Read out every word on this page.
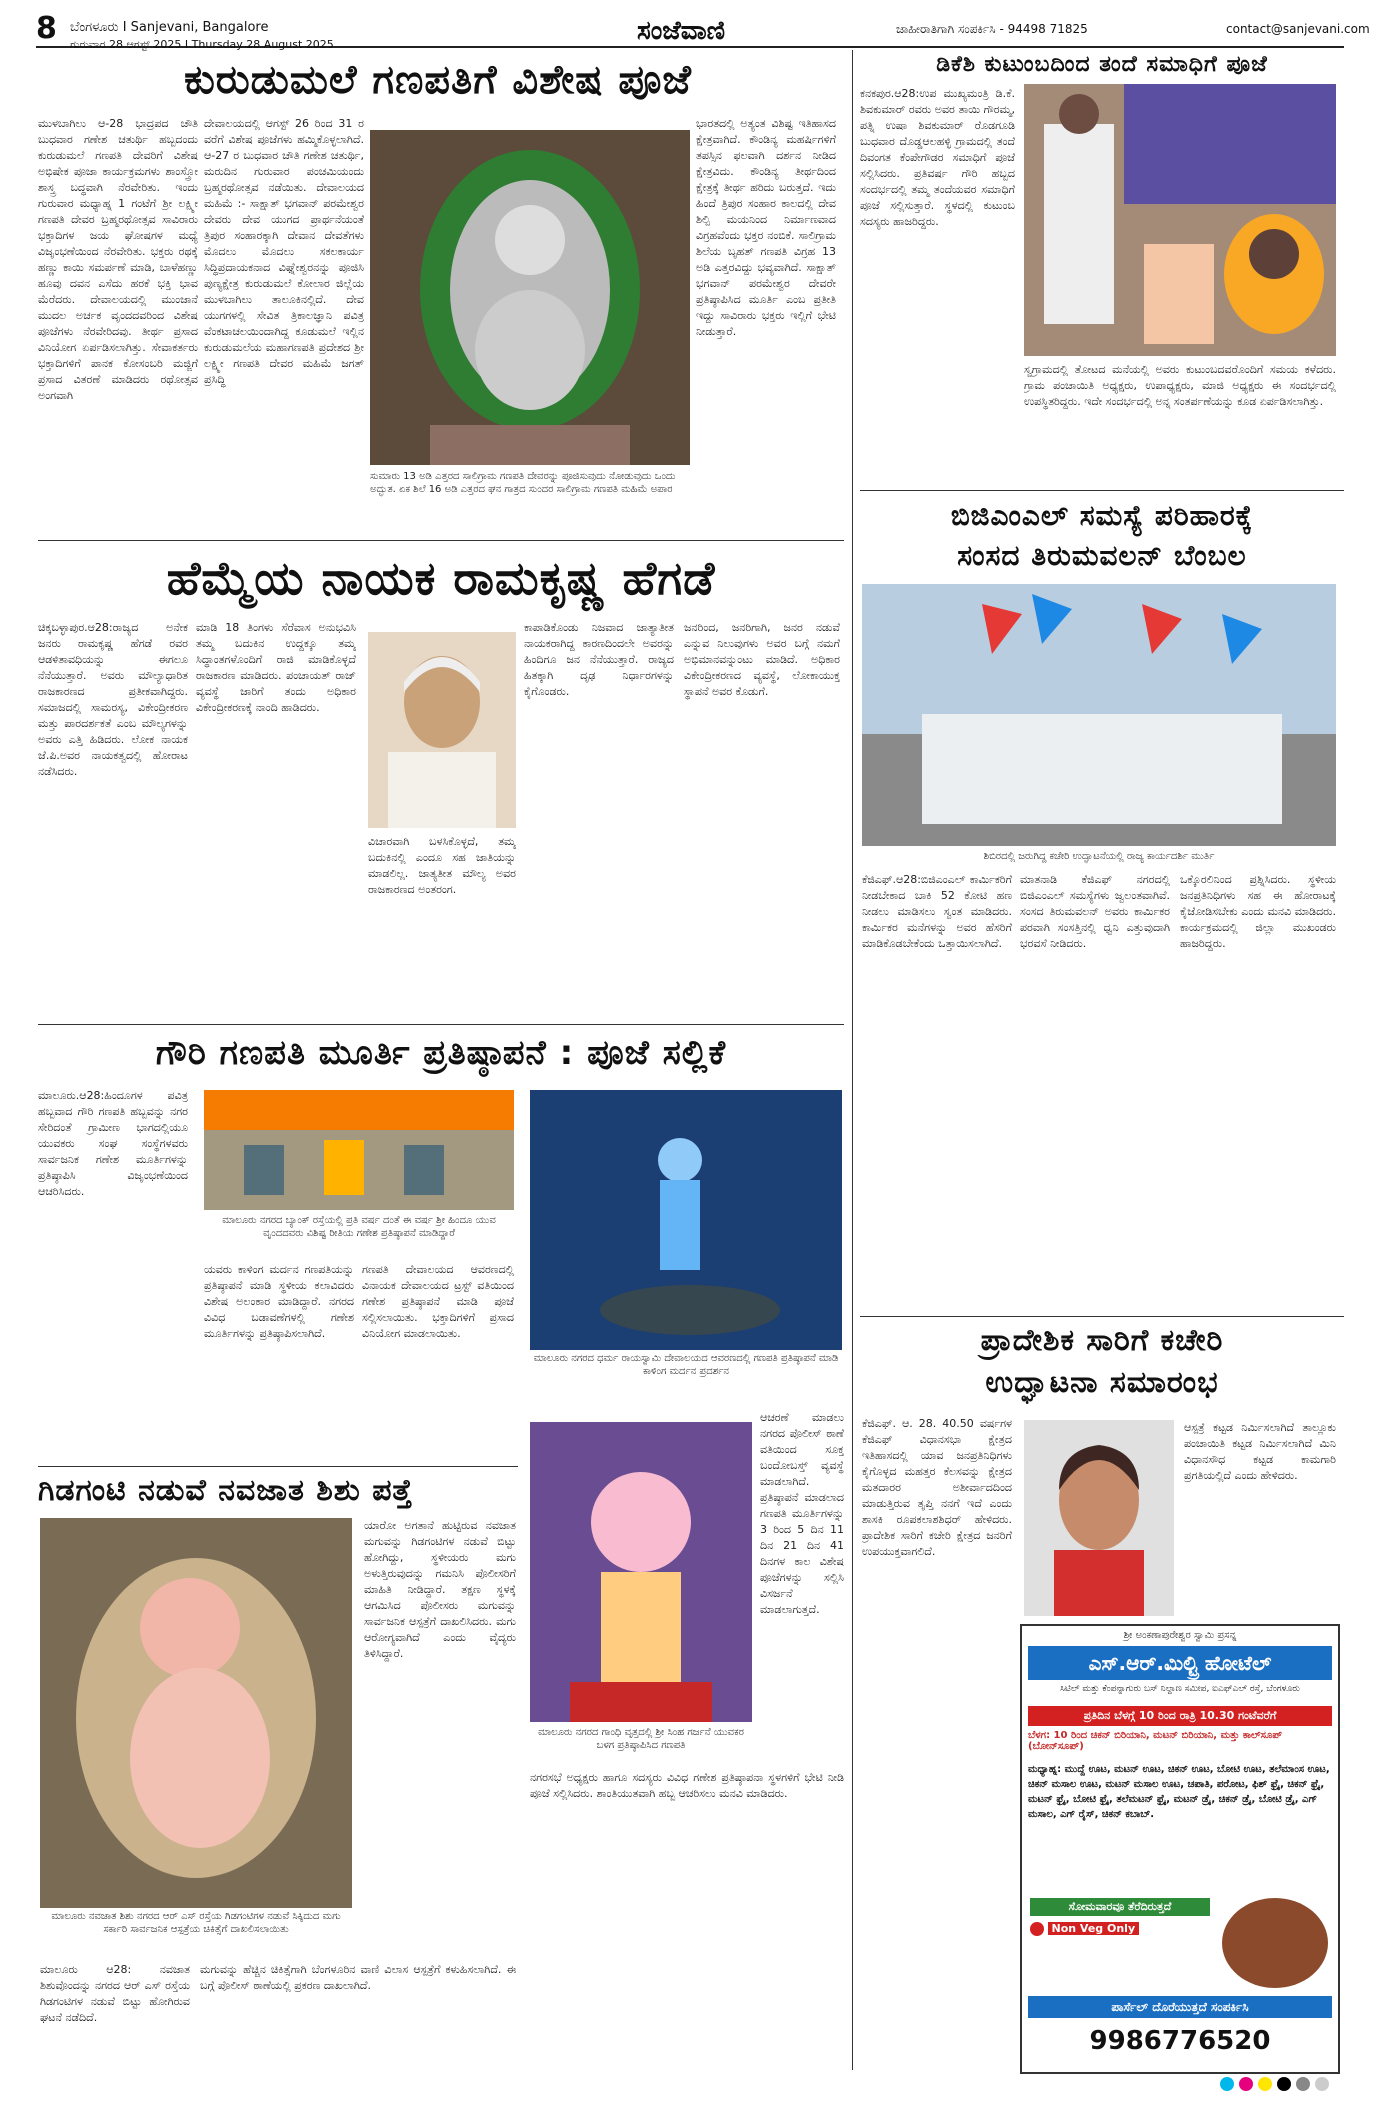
8 ಬೆಂಗಳೂರು I Sanjevani, Bangalore
ಗುರುವಾರ 28 ಆಗಸ್ಟ್ 2025 I Thursday 28 August 2025	ಸಂಜೆವಾಣಿ	ಜಾಹೀರಾತಿಗಾಗಿ ಸಂಪರ್ಕಿಸಿ - 94498 71825	contact@sanjevani.com
ಕುರುಡುಮಲೆ ಗಣಪತಿಗೆ ವಿಶೇಷ ಪೂಜೆ
ಮುಳಬಾಗಿಲು ಆ-28 ಭಾದ್ರಪದ ಚೌತಿ ಬುಧವಾರ ಗಣೇಶ ಚತುರ್ಥಿ ಹಬ್ಬದಂದು ಕುರುಡುಮಲೆ ಗಣಪತಿ ದೇವರಿಗೆ ವಿಶೇಷ ಅಭಿಷೇಕ ಪೂಜಾ ಕಾರ್ಯಕ್ರಮಗಳು ಶಾಂಸ್ತ್ರೋ ಶಾಸ್ತ್ರ ಬದ್ಧವಾಗಿ ನೆರವೇರಿತು. ಇಂದು ಗುರುವಾರ ಮಧ್ಯಾಹ್ನ 1 ಗಂಟೆಗೆ ಶ್ರೀ ಲಕ್ಷ್ಮೀ ಗಣಪತಿ ದೇವರ ಬ್ರಹ್ಮರಥೋತ್ಸವ ಸಾವಿರಾರು ಭಕ್ತಾದಿಗಳ ಜಯ ಘೋಷಗಳ ಮಧ್ಯೆ ವಿಜೃಂಭಣೆಯಿಂದ ನೆರವೇರಿತು. ಭಕ್ತರು ರಥಕ್ಕೆ ಹಣ್ಣು ಕಾಯಿ ಸಮರ್ಪಣೆ ಮಾಡಿ, ಬಾಳೆಹಣ್ಣು ಹೂವು ದವನ ಎಸೆದು ಹರಕೆ ಭಕ್ತಿ ಭಾವ ಮೆರೆದರು. ದೇವಾಲಯದಲ್ಲಿ ಮುಂಜಾನೆ ಮುದಲ ಅರ್ಚಕ ವೃಂದದವರಿಂದ ವಿಶೇಷ ಪೂಜೆಗಳು ನೆರವೇರಿದವು. ತೀರ್ಥ ಪ್ರಸಾದ ವಿನಿಯೋಗ ಏರ್ಪಡಿಸಲಾಗಿತ್ತು. ಸೇವಾಕರ್ತರು ಭಕ್ತಾದಿಗಳಿಗೆ ಪಾನಕ ಕೋಸಂಬರಿ ಮಜ್ಜಿಗೆ ಪ್ರಸಾದ ವಿತರಣೆ ಮಾಡಿದರು ರಥೋತ್ಸವ ಅಂಗವಾಗಿ
ದೇವಾಲಯದಲ್ಲಿ ಆಗಸ್ಟ್ 26 ರಿಂದ 31 ರ ವರೆಗೆ ವಿಶೇಷ ಪೂಜೆಗಳು ಹಮ್ಮಿಕೊಳ್ಳಲಾಗಿದೆ. ಆ-27 ರ ಬುಧವಾರ ಚೌತಿ ಗಣೇಶ ಚತುರ್ಥಿ, ಮರುದಿನ ಗುರುವಾರ ಪಂಚಮಿಯಂದು ಬ್ರಹ್ಮರಥೋತ್ಸವ ನಡೆಯಿತು. ದೇವಾಲಯದ ಮಹಿಮೆ :- ಸಾಕ್ಷಾತ್ ಭಗವಾನ್ ಪರಮೇಶ್ವರ ದೇವರು ದೇವ ಯುಗದ ಪ್ರಾರ್ಥನೆಯಂತೆ ತ್ರಿಪುರ ಸಂಹಾರಕ್ಕಾಗಿ ದೇವಾನ ದೇವತೆಗಳು ಮೊದಲು ಮೊದಲು ಸಕಲಕಾರ್ಯ ಸಿದ್ಧಿಪ್ರದಾಯಕನಾದ ವಿಘ್ನೇಶ್ವರನನ್ನು ಪೂಜಿಸಿ ಪುಣ್ಯಕ್ಷೇತ್ರ ಕುರುಡುಮಲೆ ಕೋಲಾರ ಜಿಲ್ಲೆಯ ಮುಳಬಾಗಿಲು ತಾಲೂಕಿನಲ್ಲಿದೆ. ದೇವ ಯುಗಗಳಲ್ಲಿ ಸೇವಿತ ತ್ರಿಕಾಲಜ್ಞಾನಿ ಪವಿತ್ರ ವೆಂಕಟಾಚಲಯಿಂದಾಗಿದ್ದ ಕೂಡುಮಲೆ ಇಲ್ಲಿನ ಕುರುಡುಮಲೆಯ ಮಹಾಗಣಪತಿ ಪ್ರದೇಶದ ಶ್ರೀ ಲಕ್ಷ್ಮೀ ಗಣಪತಿ ದೇವರ ಮಹಿಮೆ ಜಗತ್ ಪ್ರಸಿದ್ಧಿ
ಸುಮಾರು 13 ಅಡಿ ಎತ್ತರದ ಸಾಲಿಗ್ರಾಮ ಗಣಪತಿ ದೇವರನ್ನು ಪೂಜಿಸುವುದು ನೋಡುವುದು ಒಂದು ಅದ್ಭುತ. ಏಕ ಶಿಲೆ 16 ಅಡಿ ಎತ್ತರದ ಘನ ಗಾತ್ರದ ಸುಂದರ ಸಾಲಿಗ್ರಾಮ ಗಣಪತಿ ಮಹಿಮೆ ಅಪಾರ
ಭಾರತದಲ್ಲಿ ಅತ್ಯಂತ ವಿಶಿಷ್ಟ ಇತಿಹಾಸದ ಕ್ಷೇತ್ರವಾಗಿದೆ. ಕೌಂಡಿನ್ಯ ಮಹರ್ಷಿಗಳಿಗೆ ತಪಸ್ಸಿನ ಫಲವಾಗಿ ದರ್ಶನ ನೀಡಿದ ಕ್ಷೇತ್ರವಿದು. ಕೌಂಡಿನ್ಯ ತೀರ್ಥದಿಂದ ಕ್ಷೇತ್ರಕ್ಕೆ ತೀರ್ಥ ಹರಿದು ಬರುತ್ತದೆ. ಇದು ಹಿಂದೆ ತ್ರಿಪುರ ಸಂಹಾರ ಕಾಲದಲ್ಲಿ ದೇವ ಶಿಲ್ಪಿ ಮಯನಿಂದ ನಿರ್ಮಾಣವಾದ ವಿಗ್ರಹವೆಂದು ಭಕ್ತರ ನಂಬಿಕೆ. ಸಾಲಿಗ್ರಾಮ ಶಿಲೆಯ ಬೃಹತ್ ಗಣಪತಿ ವಿಗ್ರಹ 13 ಅಡಿ ಎತ್ತರವಿದ್ದು ಭವ್ಯವಾಗಿದೆ. ಸಾಕ್ಷಾತ್ ಭಗವಾನ್ ಪರಮೇಶ್ವರ ದೇವರೇ ಪ್ರತಿಷ್ಠಾಪಿಸಿದ ಮೂರ್ತಿ ಎಂಬ ಪ್ರತೀತಿ ಇದ್ದು ಸಾವಿರಾರು ಭಕ್ತರು ಇಲ್ಲಿಗೆ ಭೇಟಿ ನೀಡುತ್ತಾರೆ.
ಡಿಕೆಶಿ ಕುಟುಂಬದಿಂದ ತಂದೆ ಸಮಾಧಿಗೆ ಪೂಜೆ
ಕನಕಪುರ.ಆ28:ಉಪ ಮುಖ್ಯಮಂತ್ರಿ ಡಿ.ಕೆ. ಶಿವಕುಮಾರ್ ರವರು ಅವರ ತಾಯಿ ಗೌರಮ್ಮ, ಪತ್ನಿ ಉಷಾ ಶಿವಕುಮಾರ್ ರೊಡಗೂಡಿ ಬುಧವಾರ ದೊಡ್ಡಆಲಹಳ್ಳಿ ಗ್ರಾಮದಲ್ಲಿ ತಂದೆ ದಿವಂಗತ ಕೆಂಪೇಗೌಡರ ಸಮಾಧಿಗೆ ಪೂಜೆ ಸಲ್ಲಿಸಿದರು. ಪ್ರತಿವರ್ಷ ಗೌರಿ ಹಬ್ಬದ ಸಂದರ್ಭದಲ್ಲಿ ತಮ್ಮ ತಂದೆಯವರ ಸಮಾಧಿಗೆ ಪೂಜೆ ಸಲ್ಲಿಸುತ್ತಾರೆ. ಸ್ಥಳದಲ್ಲಿ ಕುಟುಂಬ ಸದಸ್ಯರು ಹಾಜರಿದ್ದರು.
ಸ್ವಗ್ರಾಮದಲ್ಲಿ ತೋಟದ ಮನೆಯಲ್ಲಿ ಅವರು ಕುಟುಂಬದವರೊಂದಿಗೆ ಸಮಯ ಕಳೆದರು. ಗ್ರಾಮ ಪಂಚಾಯಿತಿ ಅಧ್ಯಕ್ಷರು, ಉಪಾಧ್ಯಕ್ಷರು, ಮಾಜಿ ಅಧ್ಯಕ್ಷರು ಈ ಸಂದರ್ಭದಲ್ಲಿ ಉಪಸ್ಥಿತರಿದ್ದರು. ಇದೇ ಸಂದರ್ಭದಲ್ಲಿ ಅನ್ನ ಸಂತರ್ಪಣೆಯನ್ನು ಕೂಡ ಏರ್ಪಡಿಸಲಾಗಿತ್ತು.
ಹೆಮ್ಮೆಯ ನಾಯಕ ರಾಮಕೃಷ್ಣ ಹೆಗಡೆ
ಚಿಕ್ಕಬಳ್ಳಾಪುರ.ಆ28:ರಾಜ್ಯದ ಅನೇಕ ಜನರು ರಾಮಕೃಷ್ಣ ಹೆಗಡೆ ರವರ ಆಡಳಿತಾವಧಿಯನ್ನು ಈಗಲೂ ನೆನೆಯುತ್ತಾರೆ. ಅವರು ಮೌಲ್ಯಾಧಾರಿತ ರಾಜಕಾರಣದ ಪ್ರತೀಕವಾಗಿದ್ದರು. ಸಮಾಜದಲ್ಲಿ ಸಾಮರಸ್ಯ, ವಿಕೇಂದ್ರೀಕರಣ ಮತ್ತು ಪಾರದರ್ಶಕತೆ ಎಂಬ ಮೌಲ್ಯಗಳನ್ನು ಅವರು ಎತ್ತಿ ಹಿಡಿದರು. ಲೋಕ ನಾಯಕ ಜೆ.ಪಿ.ಅವರ ನಾಯಕತ್ವದಲ್ಲಿ ಹೋರಾಟ ನಡೆಸಿದರು.
ಮಾಡಿ 18 ತಿಂಗಳು ಸೆರೆವಾಸ ಅನುಭವಿಸಿ ತಮ್ಮ ಬದುಕಿನ ಉದ್ದಕ್ಕೂ ತಮ್ಮ ಸಿದ್ಧಾಂತಗಳೊಂದಿಗೆ ರಾಜಿ ಮಾಡಿಕೊಳ್ಳದೆ ರಾಜಕಾರಣ ಮಾಡಿದರು. ಪಂಚಾಯತ್ ರಾಜ್ ವ್ಯವಸ್ಥೆ ಜಾರಿಗೆ ತಂದು ಅಧಿಕಾರ ವಿಕೇಂದ್ರೀಕರಣಕ್ಕೆ ನಾಂದಿ ಹಾಡಿದರು.
ವಿಚಾರವಾಗಿ ಬಳಸಿಕೊಳ್ಳದೆ, ತಮ್ಮ ಬದುಕಿನಲ್ಲಿ ಎಂದೂ ಸಹ ಜಾತಿಯನ್ನು ಮಾಡಲಿಲ್ಲ. ಜಾತ್ಯತೀತ ಮೌಲ್ಯ ಅವರ ರಾಜಕಾರಣದ ಅಂತರಂಗ.
ಕಾಪಾಡಿಕೊಂಡು ನಿಜವಾದ ಜಾತ್ಯಾತೀತ ನಾಯಕರಾಗಿದ್ದ ಕಾರಣದಿಂದಲೇ ಅವರನ್ನು ಹಿಂದಿಗೂ ಜನ ನೆನೆಯುತ್ತಾರೆ. ರಾಜ್ಯದ ಹಿತಕ್ಕಾಗಿ ದೃಢ ನಿರ್ಧಾರಗಳನ್ನು ಕೈಗೊಂಡರು.
ಜನರಿಂದ, ಜನರಿಗಾಗಿ, ಜನರ ನಡುವೆ ಎನ್ನುವ ನಿಲುವುಗಳು ಅವರ ಬಗ್ಗೆ ನಮಗೆ ಅಭಿಮಾನವನ್ನುಂಟು ಮಾಡಿದೆ. ಅಧಿಕಾರ ವಿಕೇಂದ್ರೀಕರಣದ ವ್ಯವಸ್ಥೆ, ಲೋಕಾಯುಕ್ತ ಸ್ಥಾಪನೆ ಅವರ ಕೊಡುಗೆ.
ಬಿಜಿಎಂಎಲ್ ಸಮಸ್ಯೆ ಪರಿಹಾರಕ್ಕೆ
ಸಂಸದ ತಿರುಮವಲನ್ ಬೆಂಬಲ
ಶಿಬಿರದಲ್ಲಿ ಜರುಗಿದ್ದ ಕಚೇರಿ ಉದ್ಘಾಟನೆಯಲ್ಲಿ ರಾಜ್ಯ ಕಾರ್ಯದರ್ಶಿ ಮುರ್ತಿ
ಕೆಜಿಎಫ್.ಆ28:ಬಿಜಿಎಂಎಲ್ ಕಾರ್ಮಿಕರಿಗೆ ನೀಡಬೇಕಾದ ಬಾಕಿ 52 ಕೋಟಿ ಹಣ ನೀಡಲು ಮಾಡಿಸಲು ಸ್ವಂತ ಮಾಡಿದರು. ಕಾರ್ಮಿಕರ ಮನೆಗಳನ್ನು ಅವರ ಹೆಸರಿಗೆ ಮಾಡಿಕೊಡಬೇಕೆಂದು ಒತ್ತಾಯಿಸಲಾಗಿದೆ.
ಮಾತನಾಡಿ ಕೆಜಿಎಫ್ ನಗರದಲ್ಲಿ ಬಿಜಿಎಂಎಲ್ ಸಮಸ್ಯೆಗಳು ಜ್ವಲಂತವಾಗಿವೆ. ಸಂಸದ ತಿರುಮವಲನ್ ಅವರು ಕಾರ್ಮಿಕರ ಪರವಾಗಿ ಸಂಸತ್ತಿನಲ್ಲಿ ಧ್ವನಿ ಎತ್ತುವುದಾಗಿ ಭರವಸೆ ನೀಡಿದರು.
ಒಕ್ಕೊರಲಿನಿಂದ ಪ್ರಶ್ನಿಸಿದರು. ಸ್ಥಳೀಯ ಜನಪ್ರತಿನಿಧಿಗಳು ಸಹ ಈ ಹೋರಾಟಕ್ಕೆ ಕೈಜೋಡಿಸಬೇಕು ಎಂದು ಮನವಿ ಮಾಡಿದರು. ಕಾರ್ಯಕ್ರಮದಲ್ಲಿ ಜಿಲ್ಲಾ ಮುಖಂಡರು ಹಾಜರಿದ್ದರು.
ಗೌರಿ ಗಣಪತಿ ಮೂರ್ತಿ ಪ್ರತಿಷ್ಠಾಪನೆ : ಪೂಜೆ ಸಲ್ಲಿಕೆ
ಮಾಲೂರು.ಆ28:ಹಿಂದೂಗಳ ಪವಿತ್ರ ಹಬ್ಬವಾದ ಗೌರಿ ಗಣಪತಿ ಹಬ್ಬವನ್ನು ನಗರ ಸೇರಿದಂತೆ ಗ್ರಾಮೀಣ ಭಾಗದಲ್ಲಿಯೂ ಯುವಕರು ಸಂಘ ಸಂಸ್ಥೆಗಳವರು ಸಾರ್ವಜನಿಕ ಗಣೇಶ ಮೂರ್ತಿಗಳನ್ನು ಪ್ರತಿಷ್ಠಾಪಿಸಿ ವಿಜೃಂಭಣೆಯಿಂದ ಆಚರಿಸಿದರು.
ಮಾಲೂರು ನಗರದ ಬ್ಯಾಂಕ್ ರಸ್ತೆಯಲ್ಲಿ ಪ್ರತಿ ವರ್ಷ ದಂತೆ ಈ ವರ್ಷ ಶ್ರೀ ಹಿಂದೂ ಯುವ ವೃಂದದವರು ವಿಶಿಷ್ಟ ರೀತಿಯ ಗಣೇಶ ಪ್ರತಿಷ್ಠಾಪನೆ ಮಾಡಿದ್ದಾರೆ
ಮಾಲೂರು ನಗರದ ಧರ್ಮ ರಾಯಸ್ವಾಮಿ ದೇವಾಲಯದ ಆವರಣದಲ್ಲಿ ಗಣಪತಿ ಪ್ರತಿಷ್ಠಾಪನೆ ಮಾಡಿ ಕಾಳಿಂಗ ಮರ್ದನ ಪ್ರದರ್ಶನ
ಯವರು ಕಾಳಿಂಗ ಮರ್ದನ ಗಣಪತಿಯನ್ನು ಪ್ರತಿಷ್ಠಾಪನೆ ಮಾಡಿ ಸ್ಥಳೀಯ ಕಲಾವಿದರು ವಿಶೇಷ ಅಲಂಕಾರ ಮಾಡಿದ್ದಾರೆ. ನಗರದ ವಿವಿಧ ಬಡಾವಣೆಗಳಲ್ಲಿ ಗಣೇಶ ಮೂರ್ತಿಗಳನ್ನು ಪ್ರತಿಷ್ಠಾಪಿಸಲಾಗಿದೆ.
ಗಣಪತಿ ದೇವಾಲಯದ ಆವರಣದಲ್ಲಿ ವಿನಾಯಕ ದೇವಾಲಯದ ಟ್ರಸ್ಟ್ ವತಿಯಿಂದ ಗಣೇಶ ಪ್ರತಿಷ್ಠಾಪನೆ ಮಾಡಿ ಪೂಜೆ ಸಲ್ಲಿಸಲಾಯಿತು. ಭಕ್ತಾದಿಗಳಿಗೆ ಪ್ರಸಾದ ವಿನಿಯೋಗ ಮಾಡಲಾಯಿತು.
ಮಾಲೂರು ನಗರದ ಗಾಂಧಿ ವೃತ್ತದಲ್ಲಿ ಶ್ರೀ ಸಿಂಹ ಗರ್ಜನೆ ಯುವಕರ ಬಳಗ ಪ್ರತಿಷ್ಠಾಪಿಸಿದ ಗಣಪತಿ
ಆಚರಣೆ ಮಾಡಲು ನಗರದ ಪೊಲೀಸ್ ಠಾಣೆ ವತಿಯಿಂದ ಸೂಕ್ತ ಬಂದೋಬಸ್ತ್ ವ್ಯವಸ್ಥೆ ಮಾಡಲಾಗಿದೆ. ಪ್ರತಿಷ್ಠಾಪನೆ ಮಾಡಲಾದ ಗಣಪತಿ ಮೂರ್ತಿಗಳನ್ನು 3 ರಿಂದ 5 ದಿನ 11 ದಿನ 21 ದಿನ 41 ದಿನಗಳ ಕಾಲ ವಿಶೇಷ ಪೂಜೆಗಳನ್ನು ಸಲ್ಲಿಸಿ ವಿಸರ್ಜನೆ ಮಾಡಲಾಗುತ್ತದೆ.
ನಗರಸಭೆ ಅಧ್ಯಕ್ಷರು ಹಾಗೂ ಸದಸ್ಯರು ವಿವಿಧ ಗಣೇಶ ಪ್ರತಿಷ್ಠಾಪನಾ ಸ್ಥಳಗಳಿಗೆ ಭೇಟಿ ನೀಡಿ ಪೂಜೆ ಸಲ್ಲಿಸಿದರು. ಶಾಂತಿಯುತವಾಗಿ ಹಬ್ಬ ಆಚರಿಸಲು ಮನವಿ ಮಾಡಿದರು.
ಗಿಡಗಂಟಿ ನಡುವೆ ನವಜಾತ ಶಿಶು ಪತ್ತೆ
ಮಾಲೂರು ನವಜಾತ ಶಿಶು ನಗರದ ಆರ್ ಎಸ್ ರಸ್ತೆಯ ಗಿಡಗಂಟಿಗಳ ನಡುವೆ ಸಿಕ್ಕಿದುದ ಮಗು ಸರ್ಕಾರಿ ಸಾರ್ವಜನಿಕ ಆಸ್ಪತ್ರೆಯ ಚಿಕಿತ್ಸೆಗೆ ದಾಖಲಿಸಲಾಯಿತು
ಮಾಲೂರು ಆ28: ನವಜಾತ ಶಿಶುವೊಂದನ್ನು ನಗರದ ಆರ್ ಎಸ್ ರಸ್ತೆಯ ಗಿಡಗಂಟಿಗಳ ನಡುವೆ ಬಿಟ್ಟು ಹೋಗಿರುವ ಘಟನೆ ನಡೆದಿದೆ.
ಯಾರೋ ಅಗತಾನೆ ಹುಟ್ಟಿರುವ ನವಜಾತ ಮಗುವನ್ನು ಗಿಡಗಂಟಿಗಳ ನಡುವೆ ಬಿಟ್ಟು ಹೋಗಿದ್ದು, ಸ್ಥಳೀಯರು ಮಗು ಅಳುತ್ತಿರುವುದನ್ನು ಗಮನಿಸಿ ಪೊಲೀಸರಿಗೆ ಮಾಹಿತಿ ನೀಡಿದ್ದಾರೆ. ತಕ್ಷಣ ಸ್ಥಳಕ್ಕೆ ಆಗಮಿಸಿದ ಪೊಲೀಸರು ಮಗುವನ್ನು ಸಾರ್ವಜನಿಕ ಆಸ್ಪತ್ರೆಗೆ ದಾಖಲಿಸಿದರು. ಮಗು ಆರೋಗ್ಯವಾಗಿದೆ ಎಂದು ವೈದ್ಯರು ತಿಳಿಸಿದ್ದಾರೆ.
ಮಗುವನ್ನು ಹೆಚ್ಚಿನ ಚಿಕಿತ್ಸೆಗಾಗಿ ಬೆಂಗಳೂರಿನ ವಾಣಿ ವಿಲಾಸ ಆಸ್ಪತ್ರೆಗೆ ಕಳುಹಿಸಲಾಗಿದೆ. ಈ ಬಗ್ಗೆ ಪೊಲೀಸ್ ಠಾಣೆಯಲ್ಲಿ ಪ್ರಕರಣ ದಾಖಲಾಗಿದೆ.
ಪ್ರಾದೇಶಿಕ ಸಾರಿಗೆ ಕಚೇರಿ
ಉದ್ಘಾಟನಾ ಸಮಾರಂಭ
ಕೆಜಿಎಫ್. ಆ. 28. 40.50 ವರ್ಷಗಳ ಕೆಜಿಎಫ್ ವಿಧಾನಸಭಾ ಕ್ಷೇತ್ರದ ಇತಿಹಾಸದಲ್ಲಿ ಯಾವ ಜನಪ್ರತಿನಿಧಿಗಳು ಕೈಗೊಳ್ಳದ ಮಹತ್ತರ ಕೆಲಸವನ್ನು ಕ್ಷೇತ್ರದ ಮತದಾರರ ಅಶೀರ್ವಾದದಿಂದ ಮಾಡುತ್ತಿರುವ ತೃಪ್ತಿ ನನಗೆ ಇದೆ ಎಂದು ಶಾಸಕಿ ರೂಪಕಲಾಶಶಿಧರ್ ಹೇಳಿದರು. ಪ್ರಾದೇಶಿಕ ಸಾರಿಗೆ ಕಚೇರಿ ಕ್ಷೇತ್ರದ ಜನರಿಗೆ ಉಪಯುಕ್ತವಾಗಲಿದೆ.
ಆಸ್ಪತ್ರೆ ಕಟ್ಟಡ ನಿರ್ಮಿಸಲಾಗಿದೆ ತಾಲ್ಲೂಕು ಪಂಚಾಯಿತಿ ಕಟ್ಟಡ ನಿರ್ಮಿಸಲಾಗಿದೆ ಮಿನಿ ವಿಧಾನಸೌಧ ಕಟ್ಟಡ ಕಾಮಗಾರಿ ಪ್ರಗತಿಯಲ್ಲಿದೆ ಎಂದು ಹೇಳಿದರು.
ಶ್ರೀ ಅಂಕಣಾಪುರೇಶ್ವರ ಸ್ವಾಮಿ ಪ್ರಸನ್ನ
ಎಸ್.ಆರ್.ಮಿಲ್ಟ್ರಿ ಹೋಟೆಲ್
ಸಿಟಿಲ್ ಮತ್ತು ಕೆಂಪನ್ನಾಗುರು ಬಸ್ ನಿಲ್ದಾಣ ಸಮೀಪ, ಐಎಫ್ಎಲ್ ರಸ್ತೆ, ಬೆಂಗಳೂರು
ಪ್ರತಿದಿನ ಬೆಳಗ್ಗೆ 10 ರಿಂದ ರಾತ್ರಿ 10.30 ಗಂಟೆವರೆಗೆ
ಬೆಳಗ: 10 ರಿಂದ ಚಿಕನ್ ಬಿರಿಯಾನಿ, ಮಟನ್ ಬಿರಿಯಾನಿ, ಮತ್ತು ಕಾಲ್‌ಸೂಪ್ (ಬೋನ್‌ಸೂಪ್)
ಮಧ್ಯಾಹ್ನ: ಮುದ್ದೆ ಊಟ, ಮಟನ್ ಊಟ, ಚಿಕನ್ ಊಟ, ಬೋಟಿ ಊಟ, ತಲೆಮಾಂಸ ಊಟ, ಚಿಕನ್ ಮಸಾಲ ಊಟ, ಮಟನ್ ಮಸಾಲ ಊಟ, ಚಪಾತಿ, ಪರೋಟ, ಫಿಶ್ ಫ್ರೈ, ಚಿಕನ್ ಫ್ರೈ, ಮಟನ್ ಫ್ರೈ, ಬೋಟಿ ಫ್ರೈ, ತಲೆಮಟನ್ ಫ್ರೈ, ಮಟನ್ ಡ್ರೈ, ಚಿಕನ್ ಡ್ರೈ, ಬೋಟಿ ಡ್ರೈ, ಎಗ್ ಮಸಾಲ, ಎಗ್ ರೈಸ್, ಚಿಕನ್ ಕಬಾಬ್.
ಸೋಮವಾರವೂ ತೆರೆದಿರುತ್ತದೆ
Non Veg Only
ಪಾರ್ಸೆಲ್ ದೊರೆಯುತ್ತದೆ ಸಂಪರ್ಕಿಸಿ
9986776520
